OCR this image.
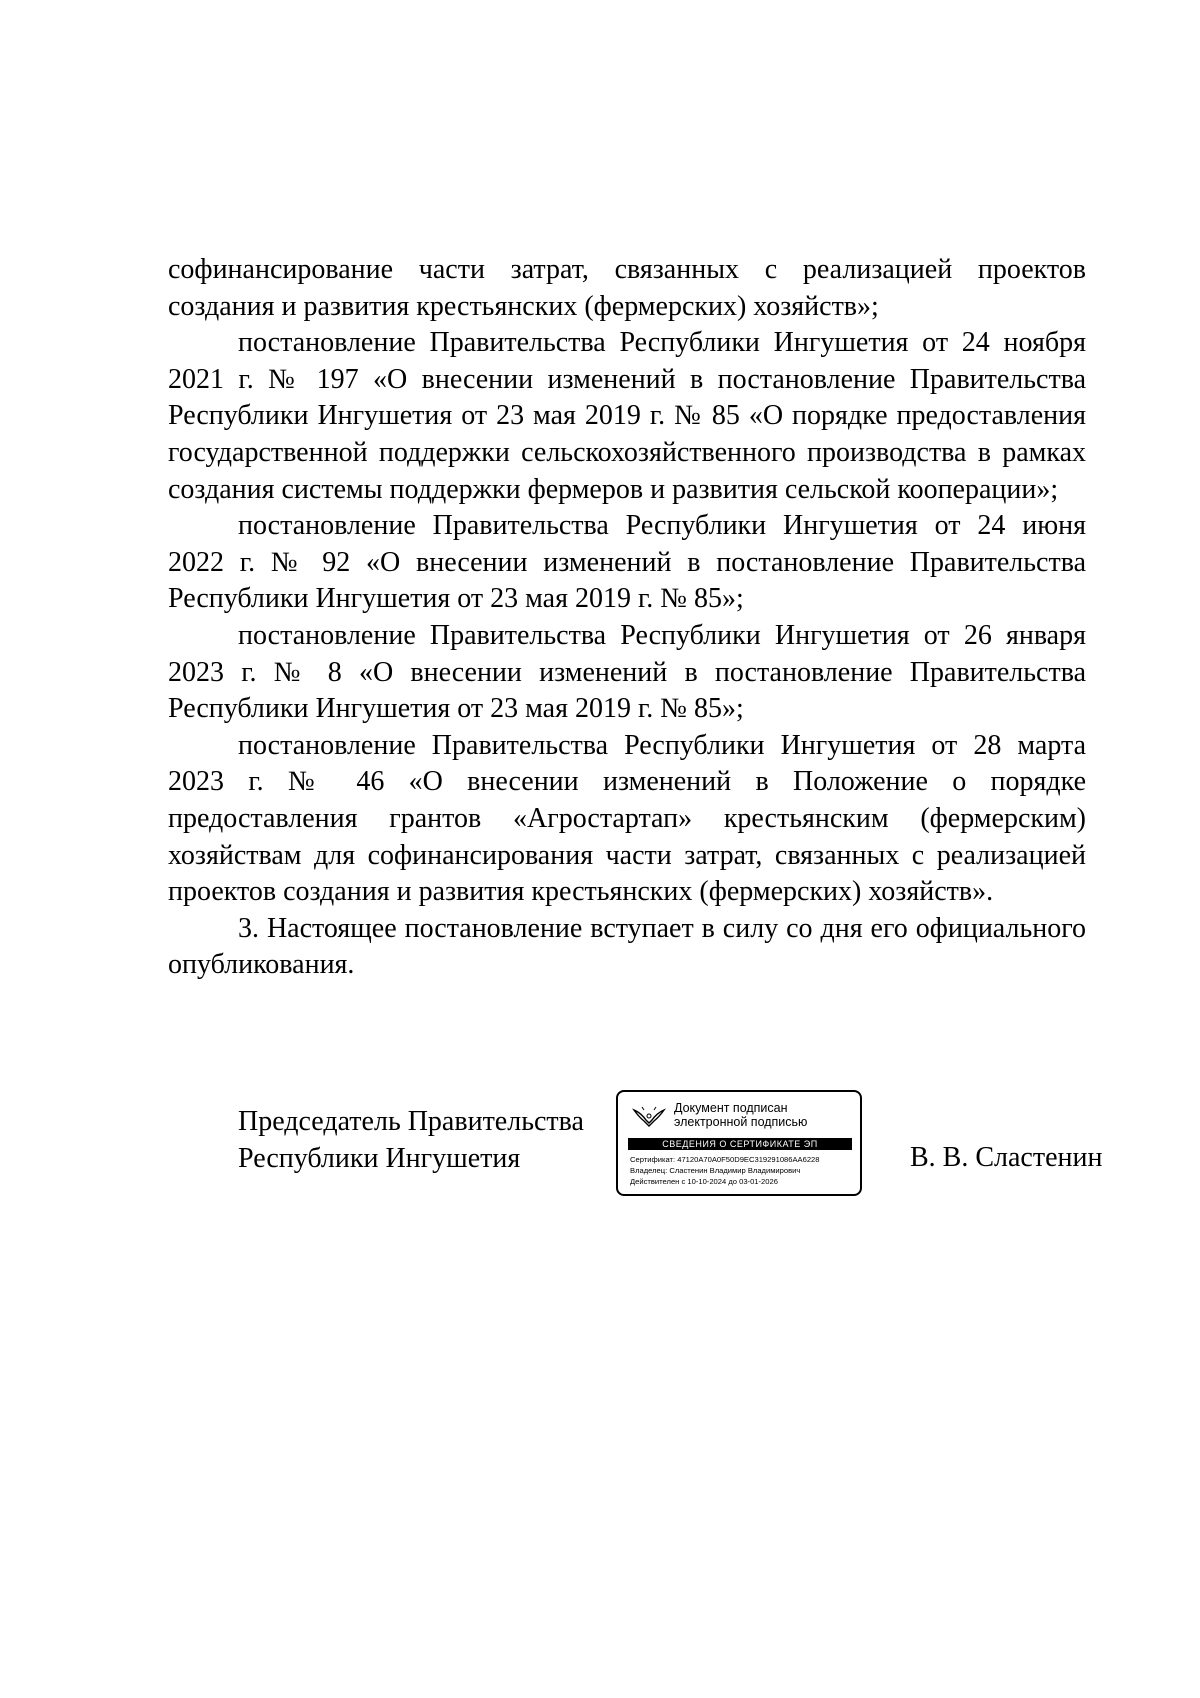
софинансирование части затрат, связанных с реализацией проектов создания и развития крестьянских (фермерских) хозяйств»;

постановление Правительства Республики Ингушетия от 24 ноября 2021 г. № 197 «О внесении изменений в постановление Правительства Республики Ингушетия от 23 мая 2019 г. № 85 «О порядке предоставления государственной поддержки сельскохозяйственного производства в рамках создания системы поддержки фермеров и развития сельской кооперации»;

постановление Правительства Республики Ингушетия от 24 июня 2022 г. № 92 «О внесении изменений в постановление Правительства Республики Ингушетия от 23 мая 2019 г. № 85»;

постановление Правительства Республики Ингушетия от 26 января 2023 г. № 8 «О внесении изменений в постановление Правительства Республики Ингушетия от 23 мая 2019 г. № 85»;

постановление Правительства Республики Ингушетия от 28 марта 2023 г. № 46 «О внесении изменений в Положение о порядке предоставления грантов «Агростартап» крестьянским (фермерским) хозяйствам для софинансирования части затрат, связанных с реализацией проектов создания и развития крестьянских (фермерских) хозяйств».

3. Настоящее постановление вступает в силу со дня его официального опубликования.

Председатель Правительства
Республики Ингушетия
Документ подписан
электронной подписью
СВЕДЕНИЯ О СЕРТИФИКАТЕ ЭП
Сертификат: 47120A70A0F50D9EC319291086AA6228
Владелец: Сластенин Владимир Владимирович
Действителен с 10-10-2024 до 03-01-2026
В. В. Сластенин
